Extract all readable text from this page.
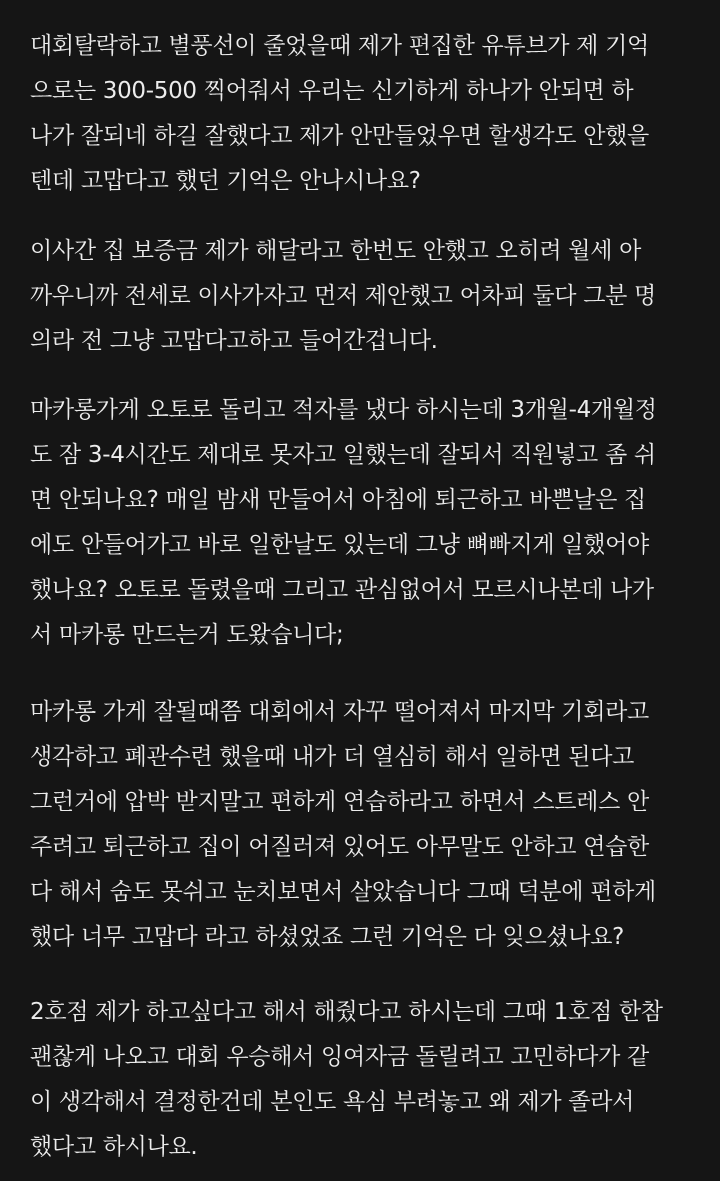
대회탈락하고 별풍선이 줄었을때 제가 편집한 유튜브가 제 기억
으로는 300-500 찍어줘서 우리는 신기하게 하나가 안되면 하
나가 잘되네 하길 잘했다고 제가 안만들었우면 할생각도 안했을
텐데 고맙다고 했던 기억은 안나시나요?
이사간 집 보증금 제가 해달라고 한번도 안했고 오히려 월세 아
까우니까 전세로 이사가자고 먼저 제안했고 어차피 둘다 그분 명
의라 전 그냥 고맙다고하고 들어간겁니다.
마카롱가게 오토로 돌리고 적자를 냈다 하시는데 3개월-4개월정
도 잠 3-4시간도 제대로 못자고 일했는데 잘되서 직원넣고 좀 쉬
면 안되나요? 매일 밤새 만들어서 아침에 퇴근하고 바쁜날은 집
에도 안들어가고 바로 일한날도 있는데 그냥 뼈빠지게 일했어야
했나요? 오토로 돌렸을때 그리고 관심없어서 모르시나본데 나가
서 마카롱 만드는거 도왔습니다;
마카롱 가게 잘될때쯤 대회에서 자꾸 떨어져서 마지막 기회라고
생각하고 폐관수련 했을때 내가 더 열심히 해서 일하면 된다고
그런거에 압박 받지말고 편하게 연습하라고 하면서 스트레스 안
주려고 퇴근하고 집이 어질러져 있어도 아무말도 안하고 연습한
다 해서 숨도 못쉬고 눈치보면서 살았습니다 그때 덕분에 편하게
했다 너무 고맙다 라고 하셨었죠 그런 기억은 다 잊으셨나요?
2호점 제가 하고싶다고 해서 해줬다고 하시는데 그때 1호점 한참
괜찮게 나오고 대회 우승해서 잉여자금 돌릴려고 고민하다가 같
이 생각해서 결정한건데 본인도 욕심 부려놓고 왜 제가 졸라서
했다고 하시나요.
